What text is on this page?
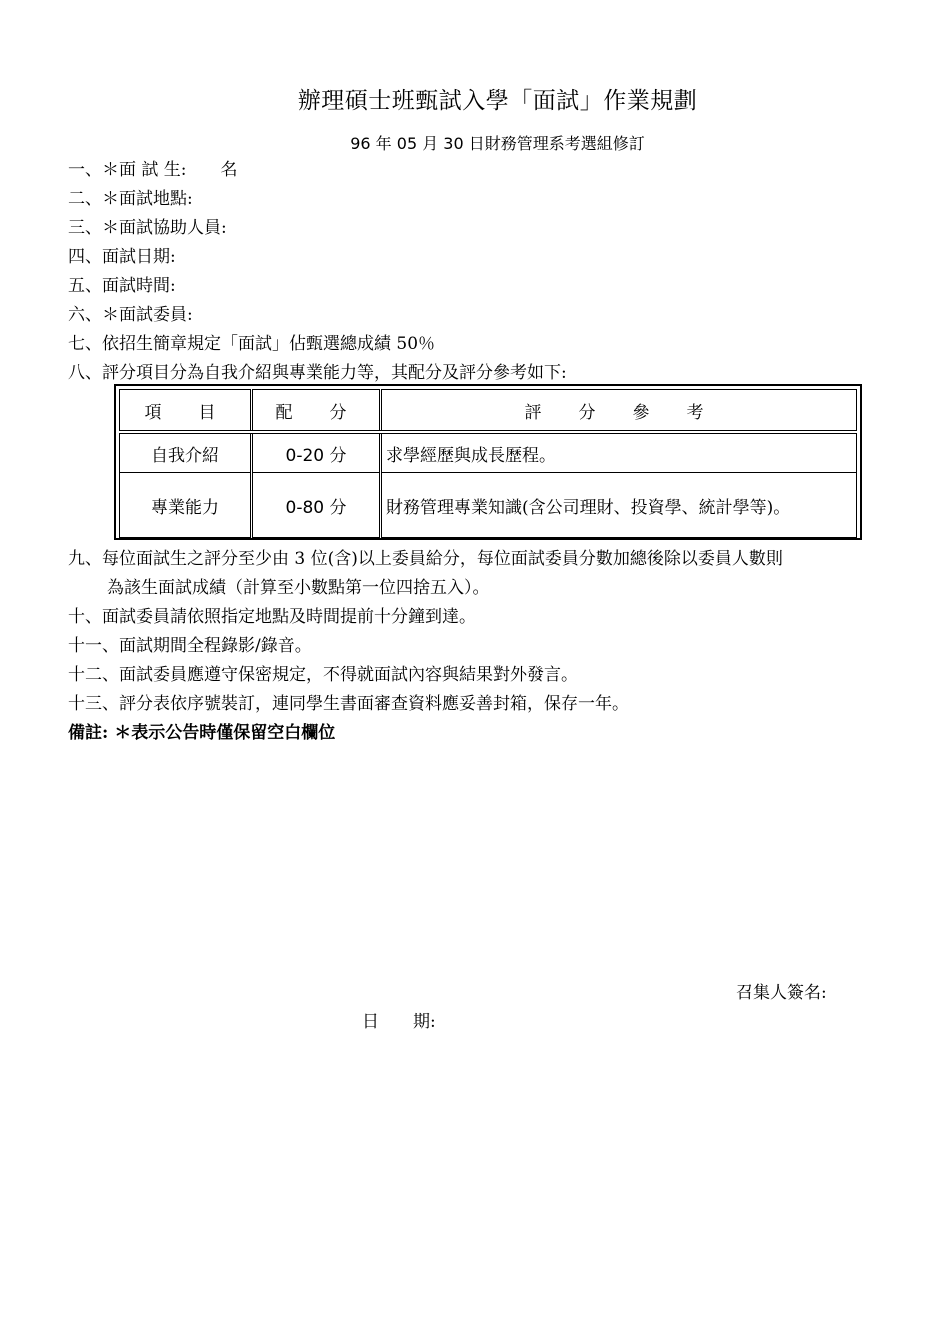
辦理碩士班甄試入學「面試」作業規劃
96 年 05 月 30 日財務管理系考選組修訂
一、＊面 試 生:　　名
二、＊面試地點:
三、＊面試協助人員:
四、面試日期:
五、面試時間:
六、＊面試委員:
七、依招生簡章規定「面試」佔甄選總成績 50％
八、評分項目分為自我介紹與專業能力等，其配分及評分參考如下:
項　目	配　分	評　分　參　考
自我介紹	0-20 分	求學經歷與成長歷程。
專業能力	0-80 分	財務管理專業知識(含公司理財、投資學、統計學等)。
九、每位面試生之評分至少由 3 位(含)以上委員給分，每位面試委員分數加總後除以委員人數則
為該生面試成績（計算至小數點第一位四捨五入）。
十、面試委員請依照指定地點及時間提前十分鐘到達。
十一、面試期間全程錄影/錄音。
十二、面試委員應遵守保密規定，不得就面試內容與結果對外發言。
十三、評分表依序號裝訂，連同學生書面審查資料應妥善封箱，保存一年。
備註: ＊表示公告時僅保留空白欄位
召集人簽名:
日　　期:
